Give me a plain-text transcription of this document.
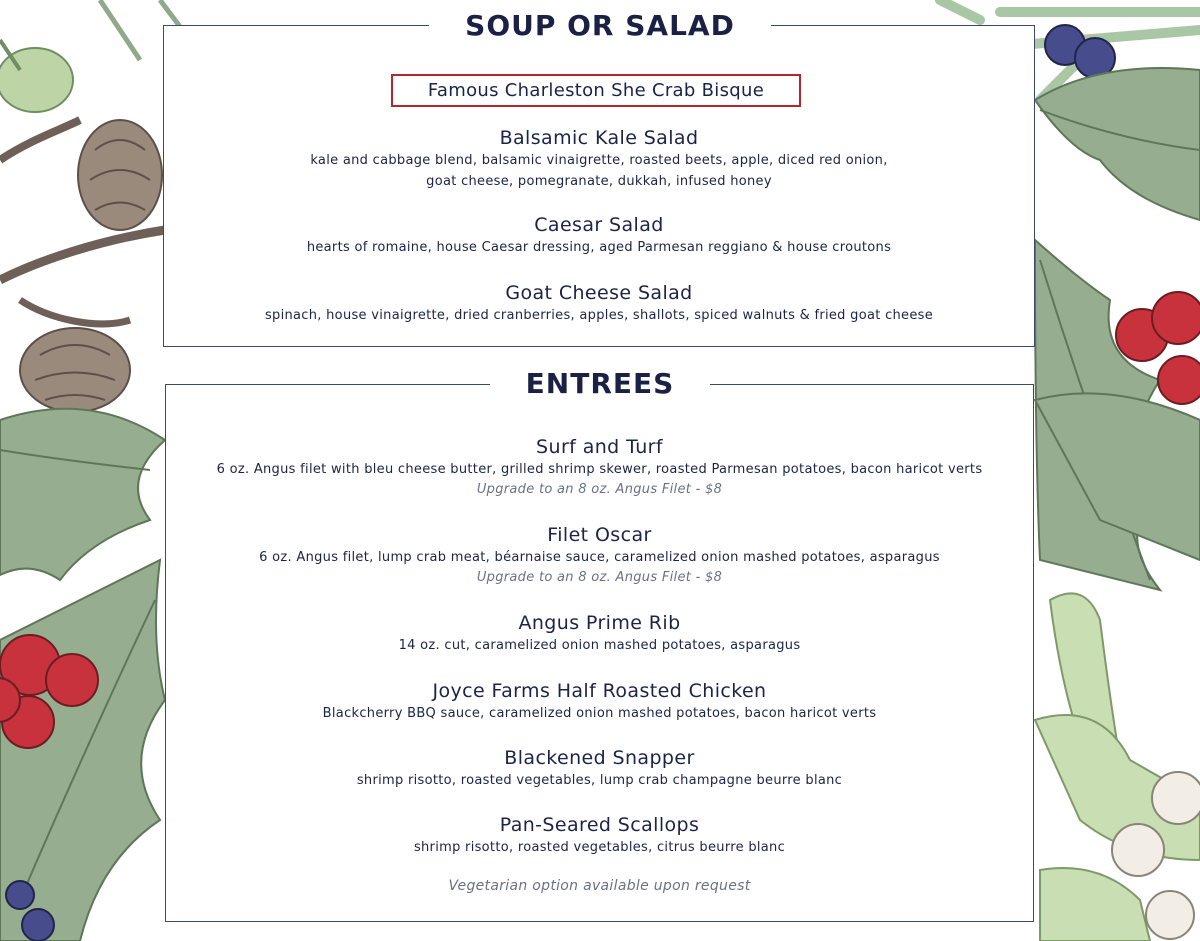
Famous Charleston She Crab Bisque
Balsamic Kale Salad
kale and cabbage blend, balsamic vinaigrette, roasted beets, apple, diced red onion,
goat cheese, pomegranate, dukkah, infused honey
Caesar Salad
hearts of romaine, house Caesar dressing, aged Parmesan reggiano & house croutons
Goat Cheese Salad
spinach, house vinaigrette, dried cranberries, apples, shallots, spiced walnuts & fried goat cheese
SOUP OR SALAD
Surf and Turf
6 oz. Angus filet with bleu cheese butter, grilled shrimp skewer, roasted Parmesan potatoes, bacon haricot verts
Upgrade to an 8 oz. Angus Filet - $8
Filet Oscar
6 oz. Angus filet, lump crab meat, béarnaise sauce, caramelized onion mashed potatoes, asparagus
Upgrade to an 8 oz. Angus Filet - $8
Angus Prime Rib
14 oz. cut, caramelized onion mashed potatoes, asparagus
Joyce Farms Half Roasted Chicken
Blackcherry BBQ sauce, caramelized onion mashed potatoes, bacon haricot verts
Blackened Snapper
shrimp risotto, roasted vegetables, lump crab champagne beurre blanc
Pan-Seared Scallops
shrimp risotto, roasted vegetables, citrus beurre blanc
Vegetarian option available upon request
ENTREES
